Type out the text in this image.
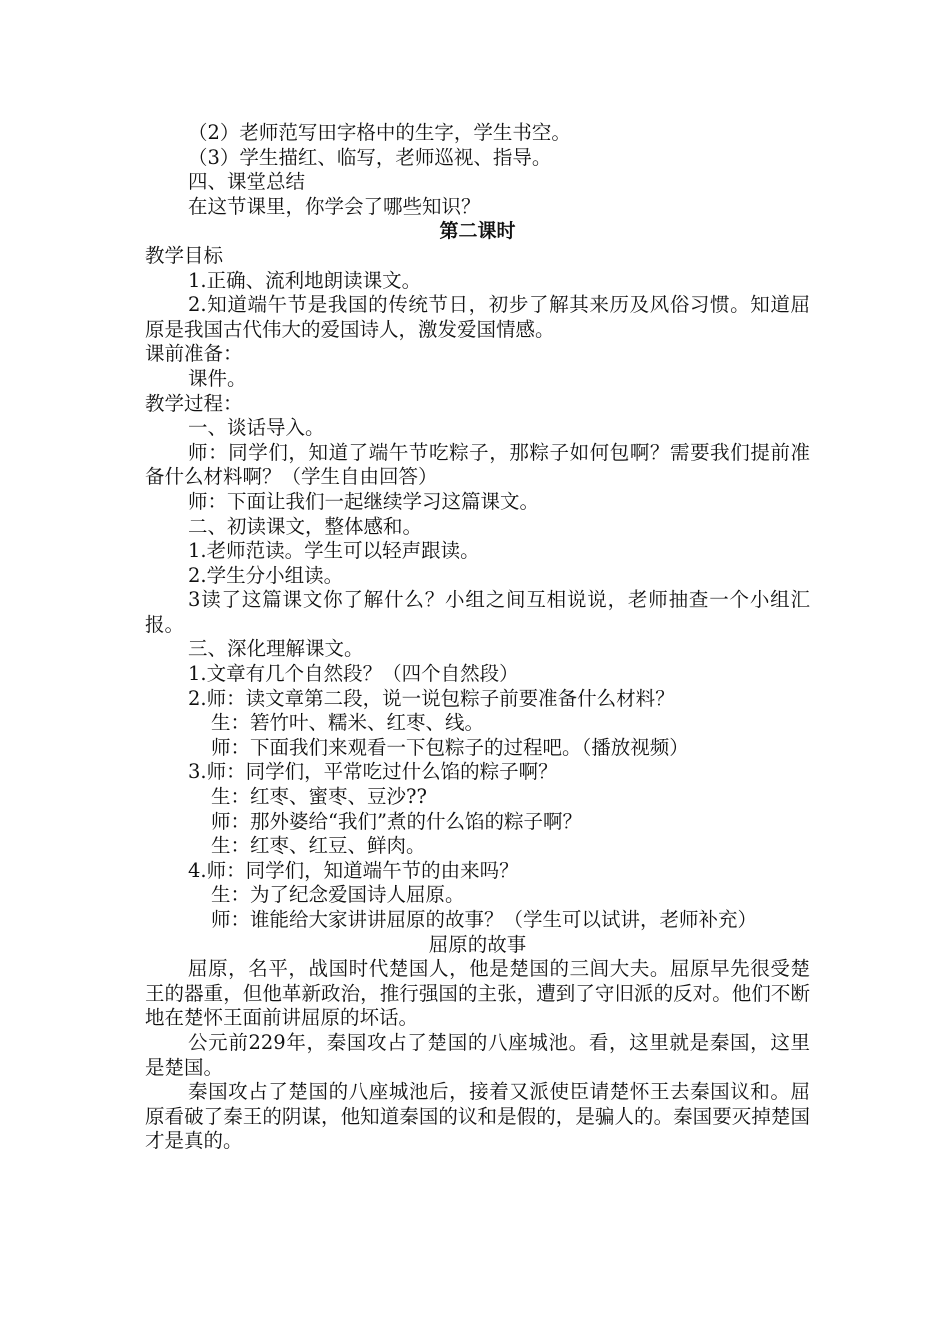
（2）老师范写田字格中的生字，学生书空。

（3）学生描红、临写，老师巡视、指导。

四、课堂总结

在这节课里，你学会了哪些知识？

第二课时

教学目标

1.正确、流利地朗读课文。

2.知道端午节是我国的传统节日，初步了解其来历及风俗习惯。知道屈原是我国古代伟大的爱国诗人，激发爱国情感。

课前准备：

课件。

教学过程：

一、谈话导入。

师：同学们，知道了端午节吃粽子，那粽子如何包啊？需要我们提前准备什么材料啊？（学生自由回答）

师：下面让我们一起继续学习这篇课文。

二、初读课文，整体感和。

1.老师范读。学生可以轻声跟读。

2.学生分小组读。

3读了这篇课文你了解什么？小组之间互相说说，老师抽查一个小组汇报。

三、深化理解课文。

1.文章有几个自然段？（四个自然段）

2.师：读文章第二段，说一说包粽子前要准备什么材料？

生：箬竹叶、糯米、红枣、线。

师：下面我们来观看一下包粽子的过程吧。（播放视频）

3.师：同学们，平常吃过什么馅的粽子啊？

生：红枣、蜜枣、豆沙??

师：那外婆给“我们”煮的什么馅的粽子啊？

生：红枣、红豆、鲜肉。

4.师：同学们，知道端午节的由来吗？

生：为了纪念爱国诗人屈原。

师：谁能给大家讲讲屈原的故事？（学生可以试讲，老师补充）

屈原的故事

屈原，名平，战国时代楚国人，他是楚国的三闾大夫。屈原早先很受楚王的器重，但他革新政治，推行强国的主张，遭到了守旧派的反对。他们不断地在楚怀王面前讲屈原的坏话。

公元前229年，秦国攻占了楚国的八座城池。看，这里就是秦国，这里是楚国。

秦国攻占了楚国的八座城池后，接着又派使臣请楚怀王去秦国议和。屈原看破了秦王的阴谋，他知道秦国的议和是假的，是骗人的。秦国要灭掉楚国才是真的。
